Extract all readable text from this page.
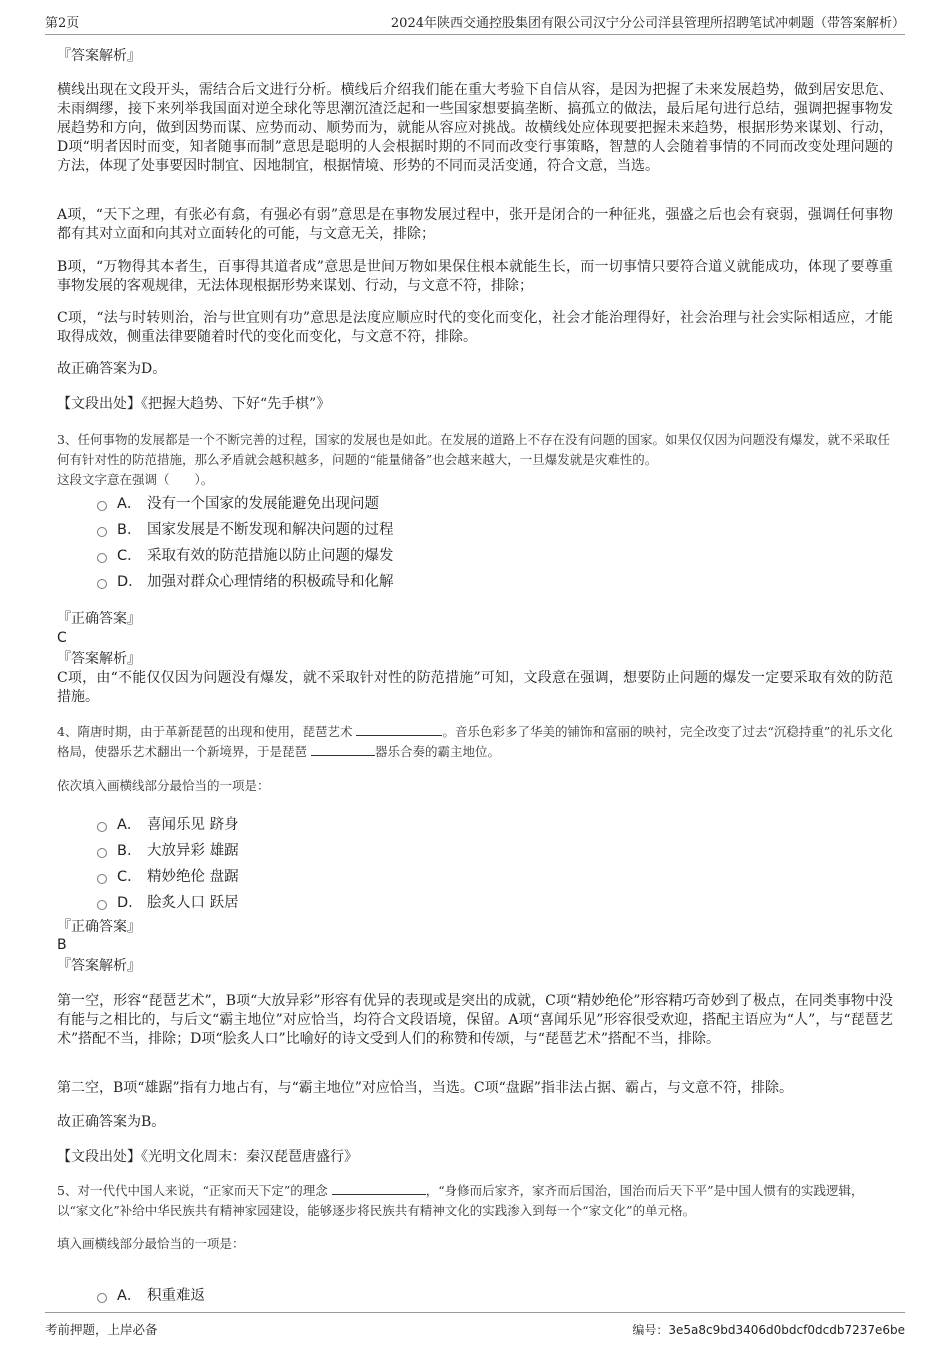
第2页	2024年陕西交通控股集团有限公司汉宁分公司洋县管理所招聘笔试冲刺题（带答案解析）
『答案解析』

横线出现在文段开头，需结合后文进行分析。横线后介绍我们能在重大考验下自信从容，是因为把握了未来发展趋势，做到居安思危、未雨绸缪，接下来列举我国面对逆全球化等思潮沉渣泛起和一些国家想要搞垄断、搞孤立的做法，最后尾句进行总结，强调把握事物发展趋势和方向，做到因势而谋、应势而动、顺势而为，就能从容应对挑战。故横线处应体现要把握未来趋势，根据形势来谋划、行动，D项“明者因时而变，知者随事而制”意思是聪明的人会根据时期的不同而改变行事策略，智慧的人会随着事情的不同而改变处理问题的方法，体现了处事要因时制宜、因地制宜，根据情境、形势的不同而灵活变通，符合文意，当选。

A项，“天下之理，有张必有翕，有强必有弱”意思是在事物发展过程中，张开是闭合的一种征兆，强盛之后也会有衰弱，强调任何事物都有其对立面和向其对立面转化的可能，与文意无关，排除；

B项，“万物得其本者生，百事得其道者成”意思是世间万物如果保住根本就能生长，而一切事情只要符合道义就能成功，体现了要尊重事物发展的客观规律，无法体现根据形势来谋划、行动，与文意不符，排除；

C项，“法与时转则治，治与世宜则有功”意思是法度应顺应时代的变化而变化，社会才能治理得好，社会治理与社会实际相适应，才能取得成效，侧重法律要随着时代的变化而变化，与文意不符，排除。

故正确答案为D。

【文段出处】《把握大趋势、下好“先手棋”》

3、任何事物的发展都是一个不断完善的过程，国家的发展也是如此。在发展的道路上不存在没有问题的国家。如果仅仅因为问题没有爆发，就不采取任何有针对性的防范措施，那么矛盾就会越积越多，问题的“能量储备”也会越来越大，一旦爆发就是灾难性的。
这段文字意在强调（　　）。
A． 没有一个国家的发展能避免出现问题
B． 国家发展是不断发现和解决问题的过程
C． 采取有效的防范措施以防止问题的爆发
D． 加强对群众心理情绪的积极疏导和化解
『正确答案』
C
『答案解析』

C项，由“不能仅仅因为问题没有爆发，就不采取针对性的防范措施”可知，文段意在强调，想要防止问题的爆发一定要采取有效的防范措施。

4、隋唐时期，由于革新琵琶的出现和使用，琵琶艺术	。音乐色彩多了华美的铺饰和富丽的映衬，完全改变了过去“沉稳持重”的礼乐文化格局，使器乐艺术翻出一个新境界，于是琵琶	器乐合奏的霸主地位。
依次填入画横线部分最恰当的一项是：
A． 喜闻乐见 跻身
B． 大放异彩 雄踞
C． 精妙绝伦 盘踞
D． 脍炙人口 跃居
『正确答案』
B
『答案解析』

第一空，形容“琵琶艺术”，B项“大放异彩”形容有优异的表现或是突出的成就，C项“精妙绝伦”形容精巧奇妙到了极点，在同类事物中没有能与之相比的，与后文“霸主地位”对应恰当，均符合文段语境，保留。A项“喜闻乐见”形容很受欢迎，搭配主语应为“人”，与“琵琶艺术”搭配不当，排除；D项“脍炙人口”比喻好的诗文受到人们的称赞和传颂，与“琵琶艺术”搭配不当，排除。

第二空，B项“雄踞”指有力地占有，与“霸主地位”对应恰当，当选。C项“盘踞”指非法占据、霸占，与文意不符，排除。

故正确答案为B。

【文段出处】《光明文化周末：秦汉琵琶唐盛行》

5、对一代代中国人来说，“正家而天下定”的理念	，“身修而后家齐，家齐而后国治，国治而后天下平”是中国人惯有的实践逻辑，以“家文化”补给中华民族共有精神家园建设，能够逐步将民族共有精神文化的实践渗入到每一个“家文化”的单元格。
填入画横线部分最恰当的一项是：
A． 积重难返
考前押题，上岸必备	编号：3e5a8c9bd3406d0bdcf0dcdb7237e6be
